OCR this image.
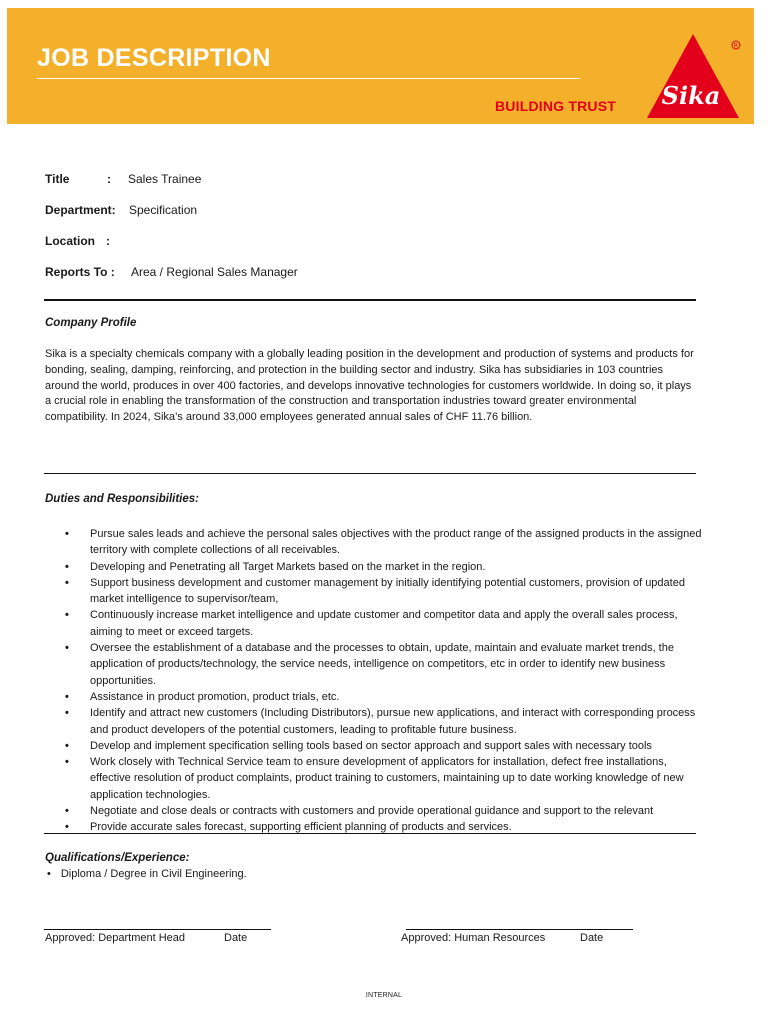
JOB DESCRIPTION
BUILDING TRUST Sika
R
Title	: Sales Trainee
Department: Specification
Location :
Reports To : Area / Regional Sales Manager
Company Profile
Sika is a specialty chemicals company with a globally leading position in the development and production of systems and products for bonding, sealing, damping, reinforcing, and protection in the building sector and industry. Sika has subsidiaries in 103 countries around the world, produces in over 400 factories, and develops innovative technologies for customers worldwide. In doing so, it plays a crucial role in enabling the transformation of the construction and transportation industries toward greater environmental compatibility. In 2024, Sika’s around 33,000 employees generated annual sales of CHF 11.76 billion.
Duties and Responsibilities:
• Pursue sales leads and achieve the personal sales objectives with the product range of the assigned products in the assigned territory with complete collections of all receivables.
• Developing and Penetrating all Target Markets based on the market in the region.
• Support business development and customer management by initially identifying potential customers, provision of updated market intelligence to supervisor/team,
• Continuously increase market intelligence and update customer and competitor data and apply the overall sales process, aiming to meet or exceed targets.
• Oversee the establishment of a database and the processes to obtain, update, maintain and evaluate market trends, the application of products/technology, the service needs, intelligence on competitors, etc in order to identify new business opportunities.
• Assistance in product promotion, product trials, etc.
• Identify and attract new customers (Including Distributors), pursue new applications, and interact with corresponding process and product developers of the potential customers, leading to profitable future business.
• Develop and implement specification selling tools based on sector approach and support sales with necessary tools
• Work closely with Technical Service team to ensure development of applicators for installation, defect free installations, effective resolution of product complaints, product training to customers, maintaining up to date working knowledge of new application technologies.
• Negotiate and close deals or contracts with customers and provide operational guidance and support to the relevant
• Provide accurate sales forecast, supporting efficient planning of products and services.
Qualifications/Experience:
• Diploma / Degree in Civil Engineering.
Approved: Department Head	Date	Approved: Human Resources	Date
INTERNAL
